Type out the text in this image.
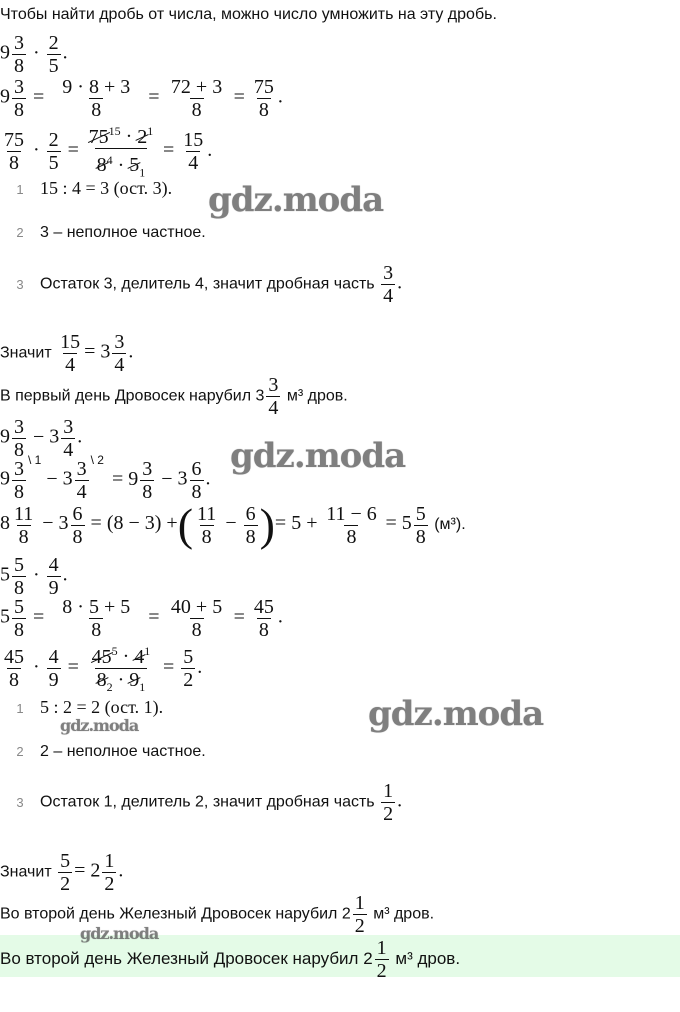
Чтобы найти дробь от числа, можно число умножить на эту дробь.
$9 \frac{3}{8} \cdot \frac{2}{5}$ .
$9 \frac{3}{8} = \frac{9 \cdot 8 + 3}{8} = \frac{72 + 3}{8} = \frac{75}{8}$ .
$\frac{75}{8} \cdot \frac{2}{5} = \frac{75^{15} \cdot 2^1}{8^4 \cdot 5_1} = \frac{15}{4}$ .
1 15 : 4 = 3 (ост. 3).
2 3 – неполное частное.
3 Остаток 3, делитель 4, значит дробная часть $\frac{3}{4}$ .
Значит $\frac{15}{4} = 3 \frac{3}{4}$ .
В первый день Дровосек нарубил $3 \frac{3}{4} м^3$ дров.
$9 \frac{3}{8} - 3 \frac{3}{4}$ .
$9 \frac{3}{8} ^{\backslash 1}- 3 \frac{3}{4} ^{\backslash 2}= 9 \frac{3}{8} - 3 \frac{6}{8}$ .
$8 \frac{11}{8} - 3 \frac{6}{8} = (8 - 3)$ +( $\frac{11}{8} - \frac{6}{8}$ )= $5 + \frac{11 - 6}{8} = 5 \frac{5}{8} (м^3)$.
$5 \frac{5}{8} \cdot \frac{4}{9}$ .
$5 \frac{5}{8} = \frac{8 \cdot 5 + 5}{8} = \frac{40 + 5}{8} = \frac{45}{8}$ .
$\frac{45}{8} \cdot \frac{4}{9} = \frac{45^5 \cdot 4^1}{8_2 \cdot 9_1} = \frac{5}{2}$ .
1 5 : 2 = 2 (ост. 1).
2 2 – неполное частное.
3 Остаток 1, делитель 2, значит дробная часть $\frac{1}{2}$ .
Значит $\frac{5}{2} = 2 \frac{1}{2}$ .
Во второй день Железный Дровосек нарубил $2 \frac{1}{2} м^3$ дров.
Во второй день Железный Дровосек нарубил $2 \frac{1}{2} м^3$ дров.
gdz.moda
gdz.moda
gdz.moda
gdz.moda
gdz.moda
